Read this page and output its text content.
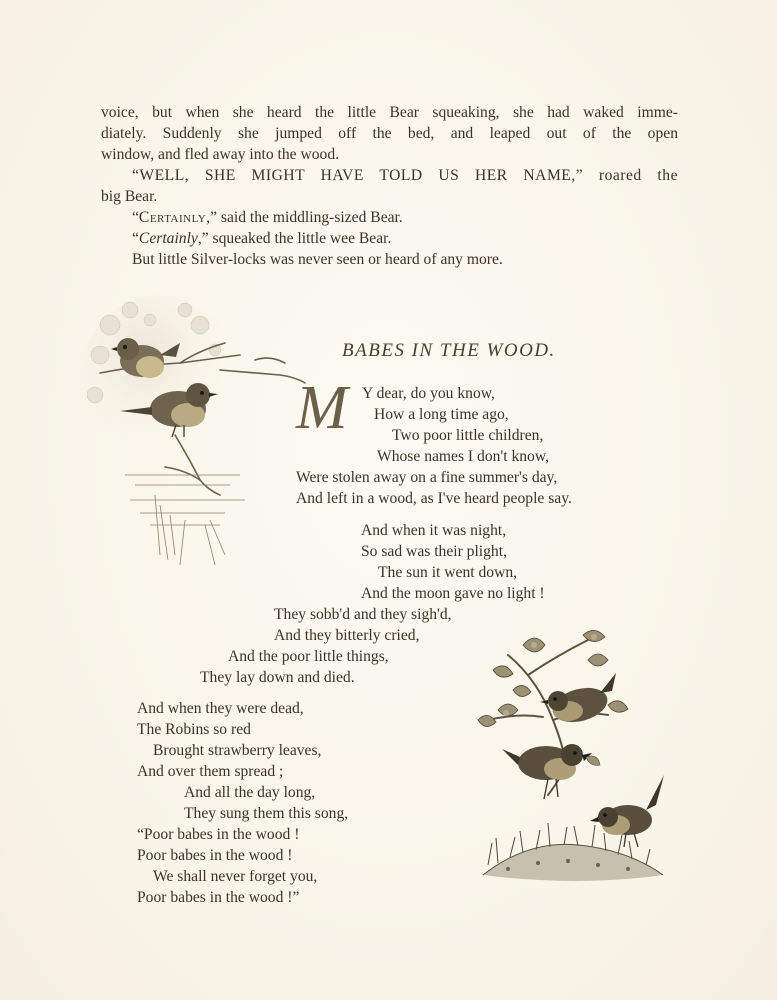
voice, but when she heard the little Bear squeaking, she had waked imme-

diately. Suddenly she jumped off the bed, and leaped out of the open

window, and fled away into the wood.

“WELL, SHE MIGHT HAVE TOLD US HER NAME,” roared the

big Bear.

“Certainly,” said the middling-sized Bear.

“Certainly,” squeaked the little wee Bear.

But little Silver-locks was never seen or heard of any more.

BABES IN THE WOOD.
M Y dear, do you know,
How a long time ago,
Two poor little children,
Whose names I don't know,
Were stolen away on a fine summer's day,
And left in a wood, as I've heard people say.
And when it was night,
So sad was their plight,
The sun it went down,
And the moon gave no light !
They sobb'd and they sigh'd,
And they bitterly cried,
And the poor little things,
They lay down and died.
And when they were dead,
The Robins so red
Brought strawberry leaves,
And over them spread ;
And all the day long,
They sung them this song,
“Poor babes in the wood !
Poor babes in the wood !
We shall never forget you,
Poor babes in the wood !”
